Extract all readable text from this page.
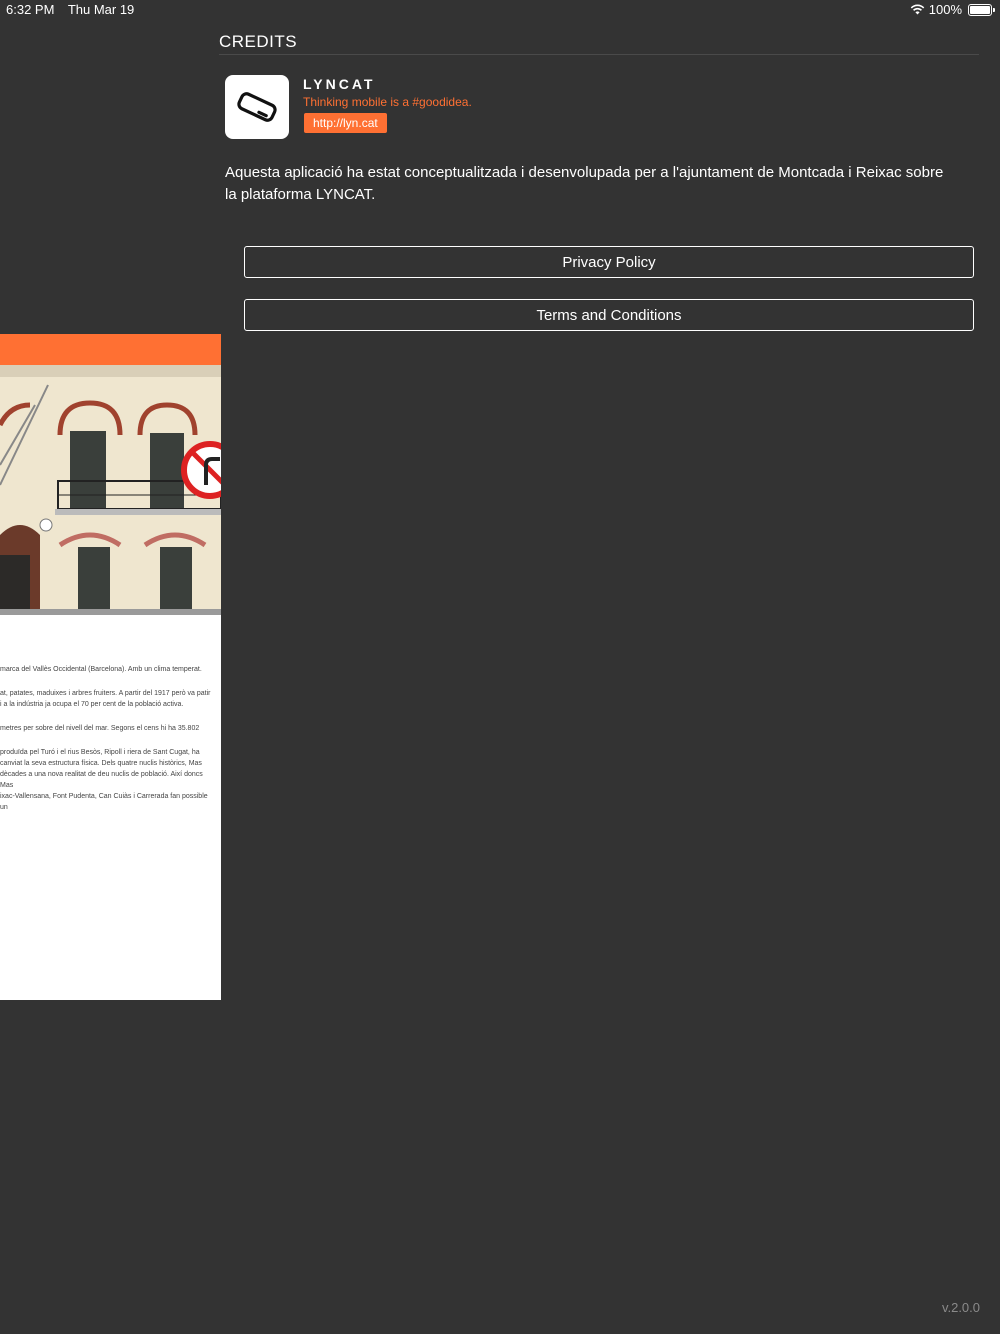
6:32 PM Thu Mar 19	100%
CREDITS
LYNCAT
Thinking mobile is a #goodidea.
http://lyn.cat
Aquesta aplicació ha estat conceptualitzada i desenvolupada per a l'ajuntament de Montcada i Reixac sobre la plataforma LYNCAT.
Privacy Policy
Terms and Conditions

marca del Vallès Occidental (Barcelona). Amb un clima temperat.

at, patates, maduixes i arbres fruiters. A partir del 1917 però va patir
i a la indústria ja ocupa el 70 per cent de la població activa.

metres per sobre del nivell del mar. Segons el cens hi ha 35.802

produïda pel Turó i el rius Besòs, Ripoll i riera de Sant Cugat, ha
canviat la seva estructura física. Dels quatre nuclis històrics, Mas
dècades a una nova realitat de deu nuclis de població. Així doncs Mas
ixac-Vallensana, Font Pudenta, Can Cuiàs i Carrerada fan possible un

v.2.0.0
